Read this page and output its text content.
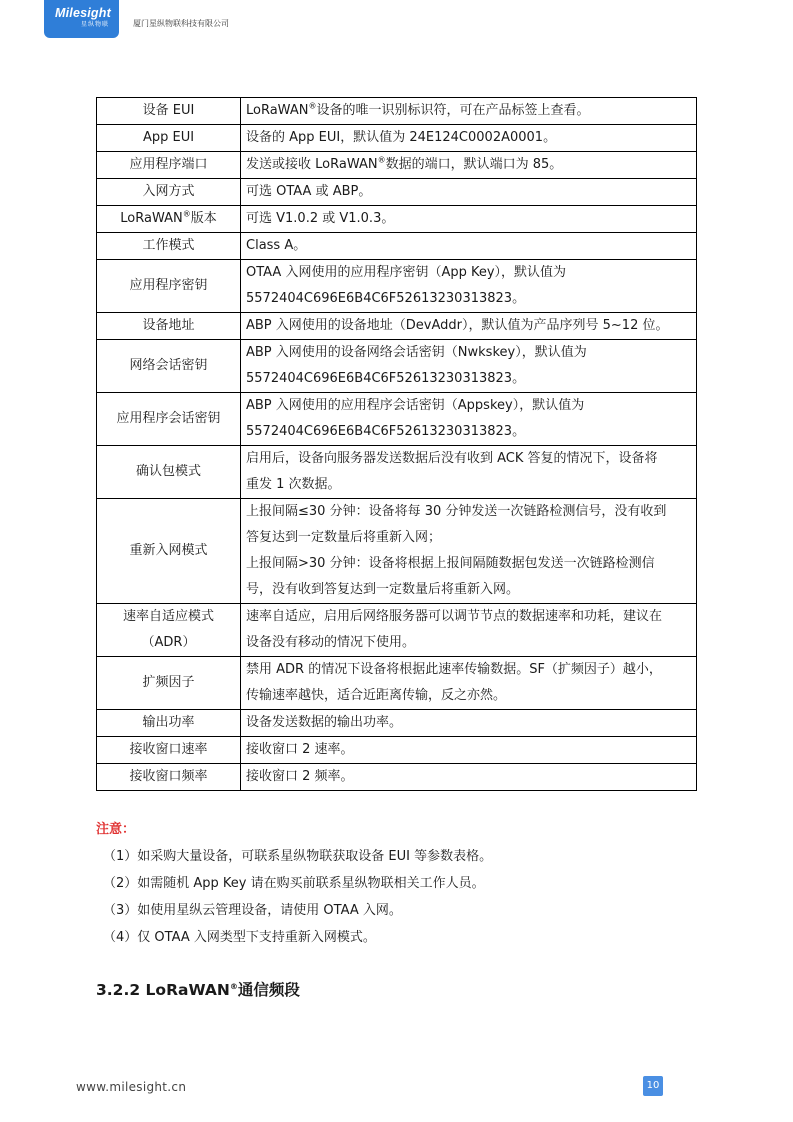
Milesight
星纵物联	厦门星纵物联科技有限公司
设备 EUI	LoRaWAN®设备的唯一识别标识符，可在产品标签上查看。
App EUI	设备的 App EUI，默认值为 24E124C0002A0001。
应用程序端口	发送或接收 LoRaWAN®数据的端口，默认端口为 85。
入网方式	可选 OTAA 或 ABP。
LoRaWAN®版本	可选 V1.0.2 或 V1.0.3。
工作模式	Class A。
应用程序密钥	OTAA 入网使用的应用程序密钥（App Key），默认值为
5572404C696E6B4C6F52613230313823。
设备地址	ABP 入网使用的设备地址（DevAddr），默认值为产品序列号 5~12 位。
网络会话密钥	ABP 入网使用的设备网络会话密钥（Nwkskey），默认值为
5572404C696E6B4C6F52613230313823。
应用程序会话密钥	ABP 入网使用的应用程序会话密钥（Appskey），默认值为
5572404C696E6B4C6F52613230313823。
确认包模式	启用后，设备向服务器发送数据后没有收到 ACK 答复的情况下，设备将
重发 1 次数据。
重新入网模式	上报间隔≤30 分钟：设备将每 30 分钟发送一次链路检测信号，没有收到
答复达到一定数量后将重新入网；
上报间隔>30 分钟：设备将根据上报间隔随数据包发送一次链路检测信
号，没有收到答复达到一定数量后将重新入网。
速率自适应模式
（ADR）	速率自适应，启用后网络服务器可以调节节点的数据速率和功耗，建议在
设备没有移动的情况下使用。
扩频因子	禁用 ADR 的情况下设备将根据此速率传输数据。SF（扩频因子）越小，
传输速率越快，适合近距离传输，反之亦然。
输出功率	设备发送数据的输出功率。
接收窗口速率	接收窗口 2 速率。
接收窗口频率	接收窗口 2 频率。
注意：
（1）如采购大量设备，可联系星纵物联获取设备 EUI 等参数表格。
（2）如需随机 App Key 请在购买前联系星纵物联相关工作人员。
（3）如使用星纵云管理设备，请使用 OTAA 入网。
（4）仅 OTAA 入网类型下支持重新入网模式。
3.2.2 LoRaWAN®通信频段
www.milesight.cn	10
